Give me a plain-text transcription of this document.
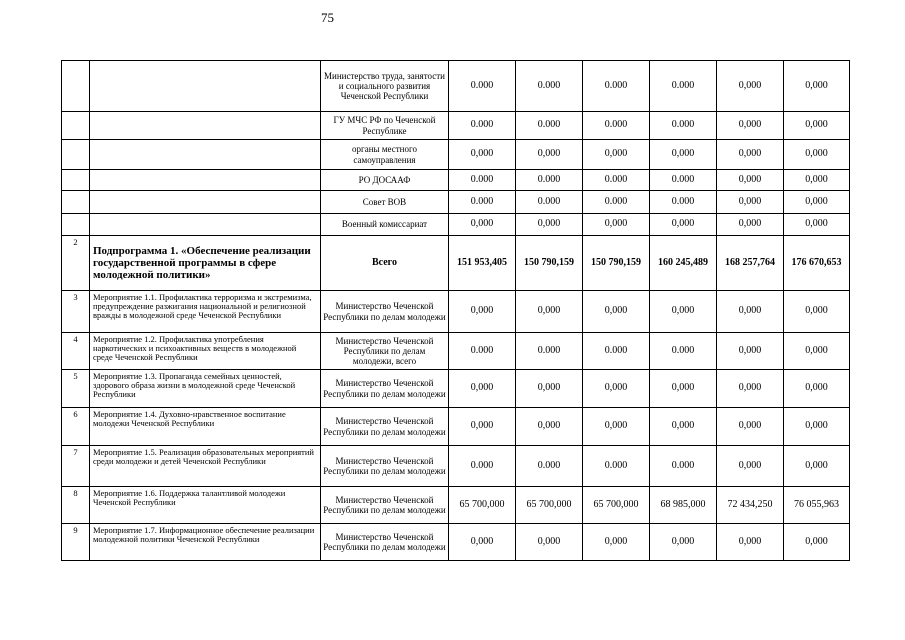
75
		Министерство труда, занятости и социального развития Чеченской Республики	0.000	0.000	0.000	0.000	0,000	0,000
		ГУ МЧС РФ по Чеченской Республике	0.000	0.000	0.000	0.000	0,000	0,000
		органы местного самоуправления	0,000	0,000	0,000	0,000	0,000	0,000
		РО ДОСААФ	0.000	0.000	0.000	0.000	0,000	0,000
		Совет ВОВ	0.000	0.000	0.000	0.000	0,000	0,000
		Военный комиссариат	0,000	0,000	0,000	0,000	0,000	0,000
2	Подпрограмма 1. «Обеспечение реализации государственной программы в сфере молодежной политики»	Всего	151 953,405	150 790,159	150 790,159	160 245,489	168 257,764	176 670,653
3	Мероприятие 1.1. Профилактика терроризма и экстремизма, предупреждение разжигания национальной и религиозной вражды в молодежной среде Чеченской Республики	Министерство Чеченской Республики по делам молодежи	0,000	0,000	0,000	0,000	0,000	0,000
4	Мероприятие 1.2. Профилактика употребления наркотических и психоактивных веществ в молодежной среде Чеченской Республики	Министерство Чеченской Республики по делам молодежи, всего	0.000	0.000	0.000	0.000	0,000	0,000
5	Мероприятие 1.3. Пропаганда семейных ценностей, здорового образа жизни в молодежной среде Чеченской Республики	Министерство Чеченской Республики по делам молодежи	0,000	0,000	0,000	0,000	0,000	0,000
6	Мероприятие 1.4. Духовно-нравственное воспитание молодежи Чеченской Республики	Министерство Чеченской Республики по делам молодежи	0,000	0,000	0,000	0,000	0,000	0,000
7	Мероприятие 1.5. Реализация образовательных мероприятий среди молодежи и детей Чеченской Республики	Министерство Чеченской Республики по делам молодежи	0.000	0.000	0.000	0.000	0,000	0,000
8	Мероприятие 1.6. Поддержка талантливой молодежи Чеченской Республики	Министерство Чеченской Республики по делам молодежи	65 700,000	65 700,000	65 700,000	68 985,000	72 434,250	76 055,963
9	Мероприятие 1.7. Информационное обеспечение реализации молодежной политики Чеченской Республики	Министерство Чеченской Республики по делам молодежи	0,000	0,000	0,000	0,000	0,000	0,000
